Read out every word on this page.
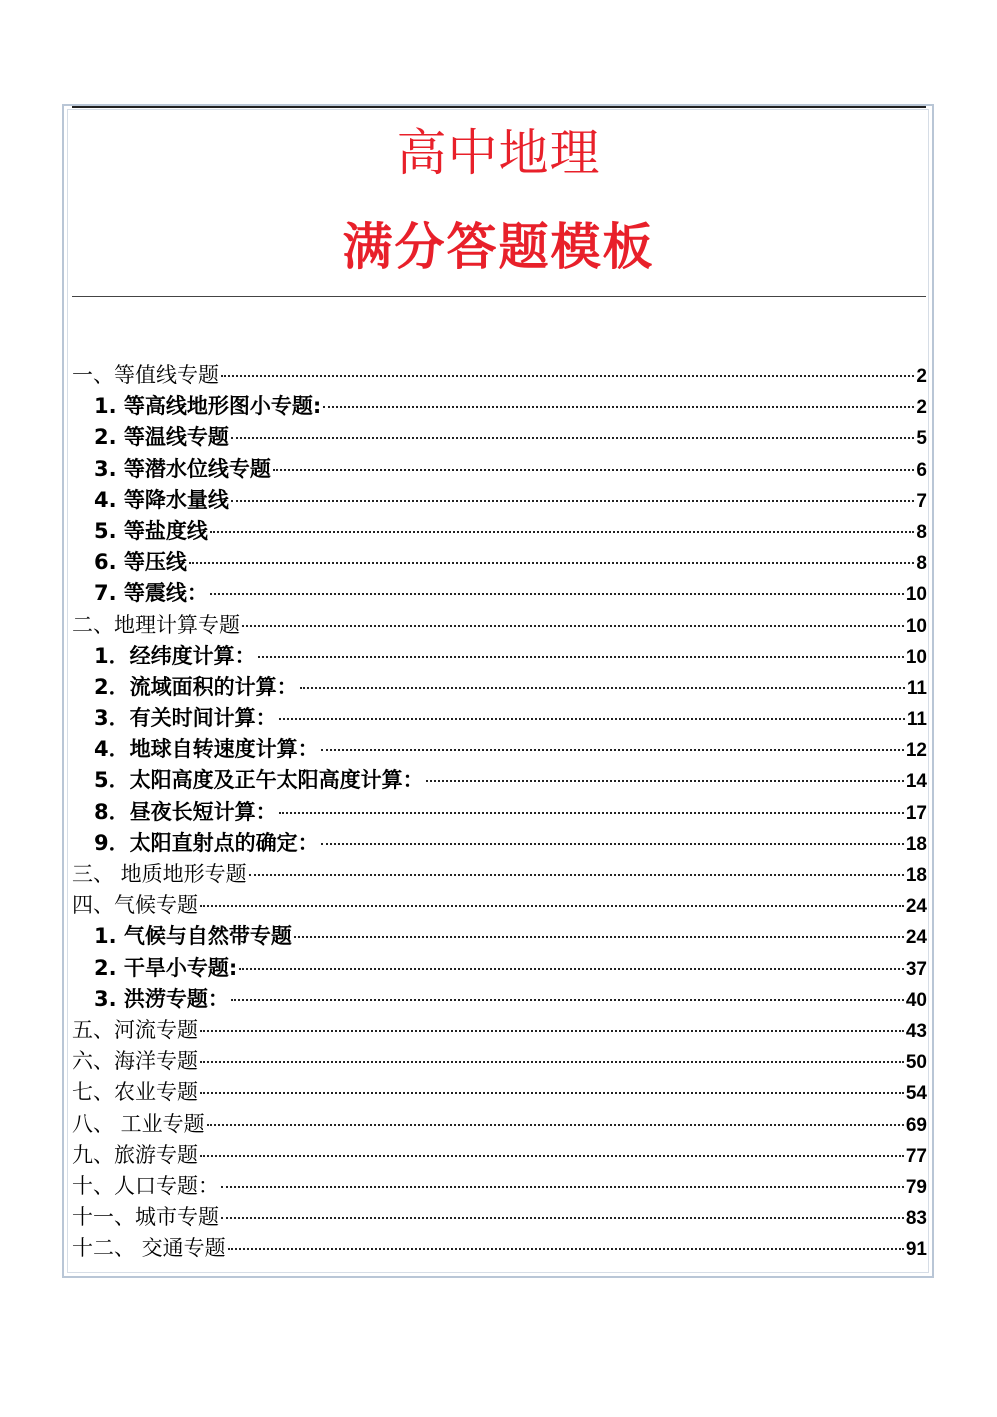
高中地理
满分答题模板
一、等值线专题	2
1. 等高线地形图小专题:	2
2. 等温线专题	5
3. 等潜水位线专题	6
4. 等降水量线	7
5. 等盐度线	8
6. 等压线	8
7. 等震线：	10
二、地理计算专题	10
1．经纬度计算：	10
2．流域面积的计算：	11
3．有关时间计算：	11
4．地球自转速度计算：	12
5．太阳高度及正午太阳高度计算：	14
8．昼夜长短计算：	17
9．太阳直射点的确定：	18
三、 地质地形专题	18
四、气候专题	24
1. 气候与自然带专题	24
2. 干旱小专题:	37
3. 洪涝专题：	40
五、河流专题	43
六、海洋专题	50
七、农业专题	54
八、 工业专题	69
九、旅游专题	77
十、人口专题：	79
十一、城市专题	83
十二、 交通专题	91
